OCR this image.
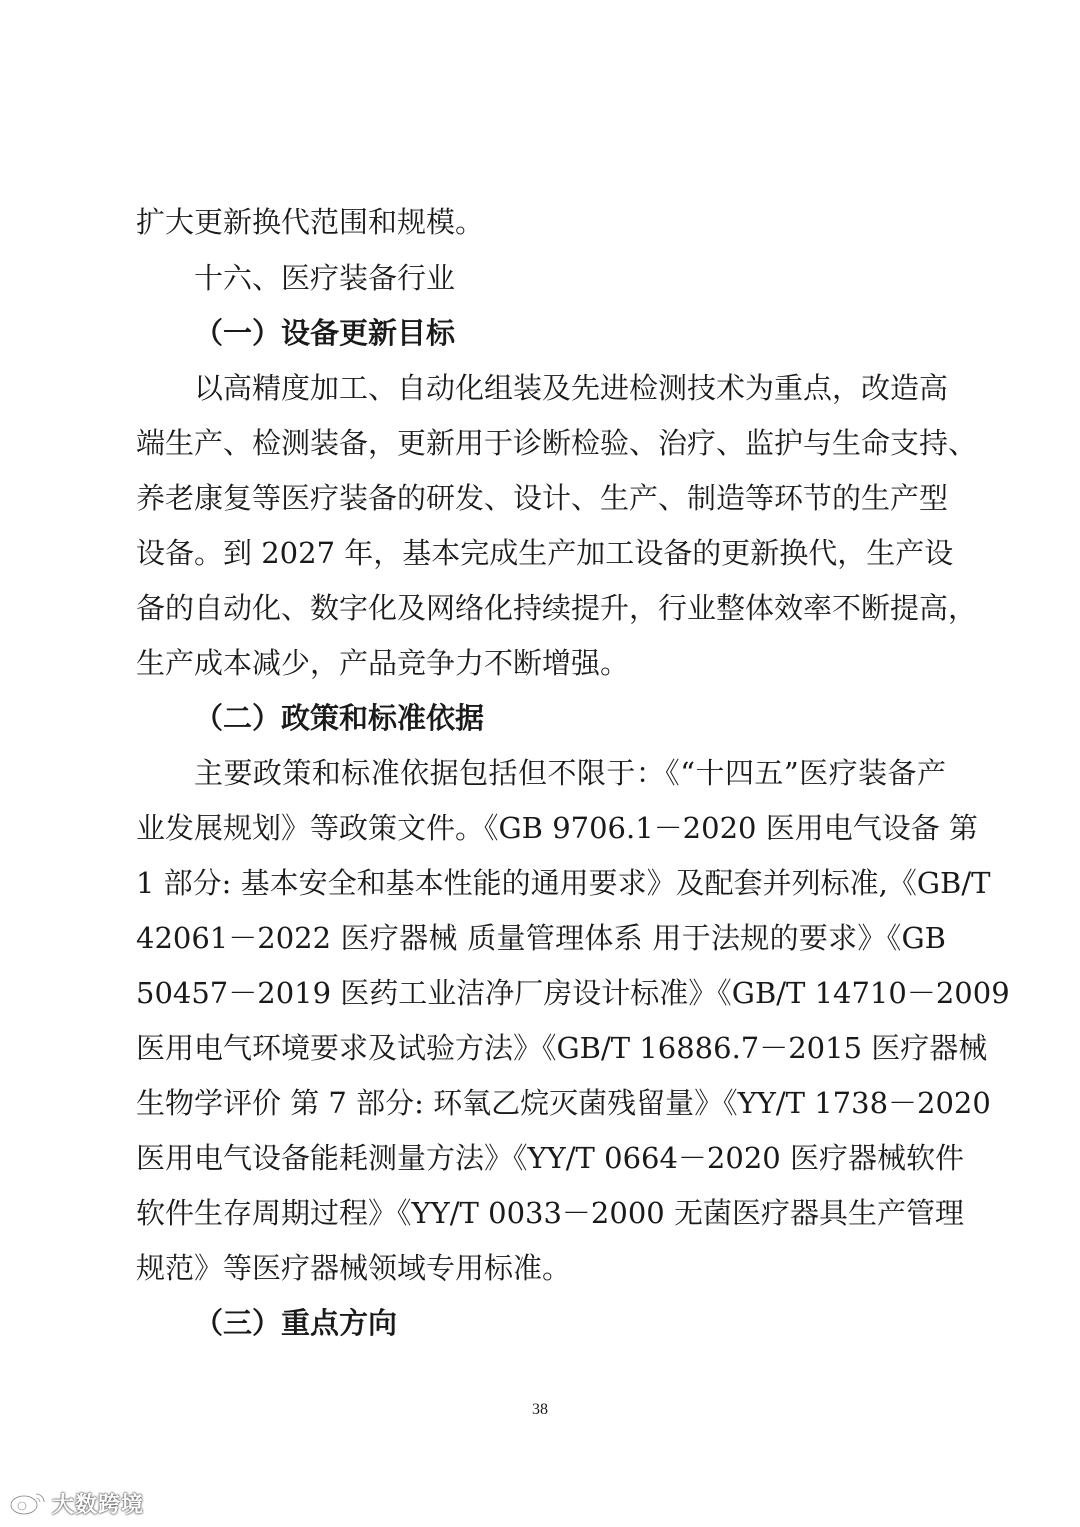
扩大更新换代范围和规模。
十六、医疗装备行业
（一）设备更新目标
以高精度加工、自动化组装及先进检测技术为重点，改造高
端生产、检测装备，更新用于诊断检验、治疗、监护与生命支持、
养老康复等医疗装备的研发、设计、生产、制造等环节的生产型
设备。到 2027 年，基本完成生产加工设备的更新换代，生产设
备的自动化、数字化及网络化持续提升，行业整体效率不断提高，
生产成本减少，产品竞争力不断增强。
（二）政策和标准依据
主要政策和标准依据包括但不限于：《“十四五”医疗装备产
业发展规划》等政策文件。《GB 9706.1－2020 医用电气设备 第
1 部分: 基本安全和基本性能的通用要求》及配套并列标准,《GB/T
42061－2022 医疗器械 质量管理体系 用于法规的要求》《GB
50457－2019 医药工业洁净厂房设计标准》《GB/T 14710－2009
医用电气环境要求及试验方法》《GB/T 16886.7－2015 医疗器械
生物学评价 第 7 部分: 环氧乙烷灭菌残留量》《YY/T 1738－2020
医用电气设备能耗测量方法》《YY/T 0664－2020 医疗器械软件
软件生存周期过程》《YY/T 0033－2000 无菌医疗器具生产管理
规范》等医疗器械领域专用标准。
（三）重点方向
38
大数跨境
